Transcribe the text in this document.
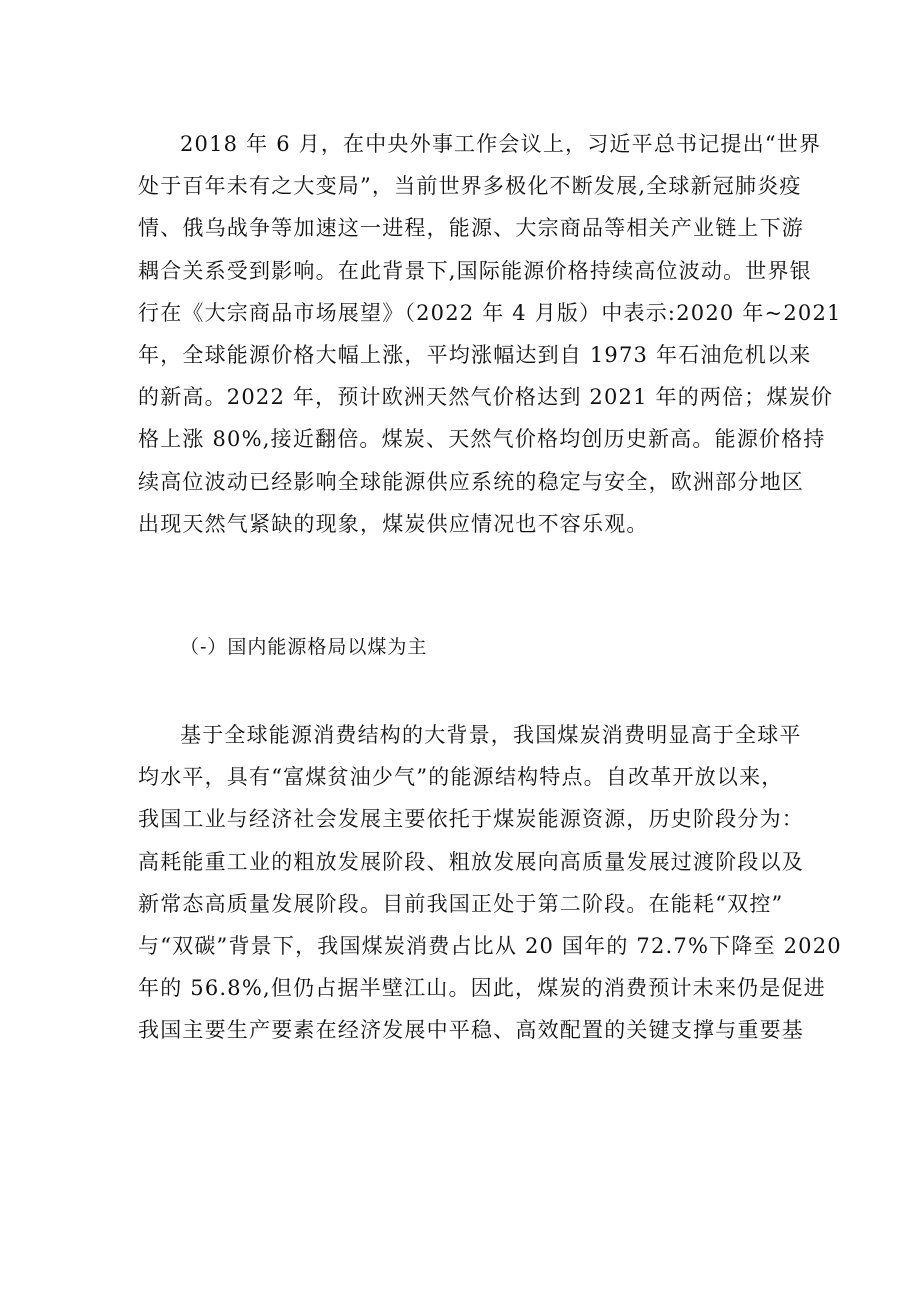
2018 年 6 月，在中央外事工作会议上，习近平总书记提出“世界
处于百年未有之大变局”，当前世界多极化不断发展,全球新冠肺炎疫
情、俄乌战争等加速这一进程，能源、大宗商品等相关产业链上下游
耦合关系受到影响。在此背景下,国际能源价格持续高位波动。世界银
行在《大宗商品市场展望》（2022 年 4 月版）中表示:2020 年~2021
年，全球能源价格大幅上涨，平均涨幅达到自 1973 年石油危机以来
的新高。2022 年，预计欧洲天然气价格达到 2021 年的两倍；煤炭价
格上涨 80%,接近翻倍。煤炭、天然气价格均创历史新高。能源价格持
续高位波动已经影响全球能源供应系统的稳定与安全，欧洲部分地区
出现天然气紧缺的现象，煤炭供应情况也不容乐观。
（-）国内能源格局以煤为主
基于全球能源消费结构的大背景，我国煤炭消费明显高于全球平
均水平，具有“富煤贫油少气”的能源结构特点。自改革开放以来，
我国工业与经济社会发展主要依托于煤炭能源资源，历史阶段分为：
高耗能重工业的粗放发展阶段、粗放发展向高质量发展过渡阶段以及
新常态高质量发展阶段。目前我国正处于第二阶段。在能耗“双控”
与“双碳”背景下，我国煤炭消费占比从 20 国年的 72.7%下降至 2020
年的 56.8%,但仍占据半壁江山。因此，煤炭的消费预计未来仍是促进
我国主要生产要素在经济发展中平稳、高效配置的关键支撑与重要基
